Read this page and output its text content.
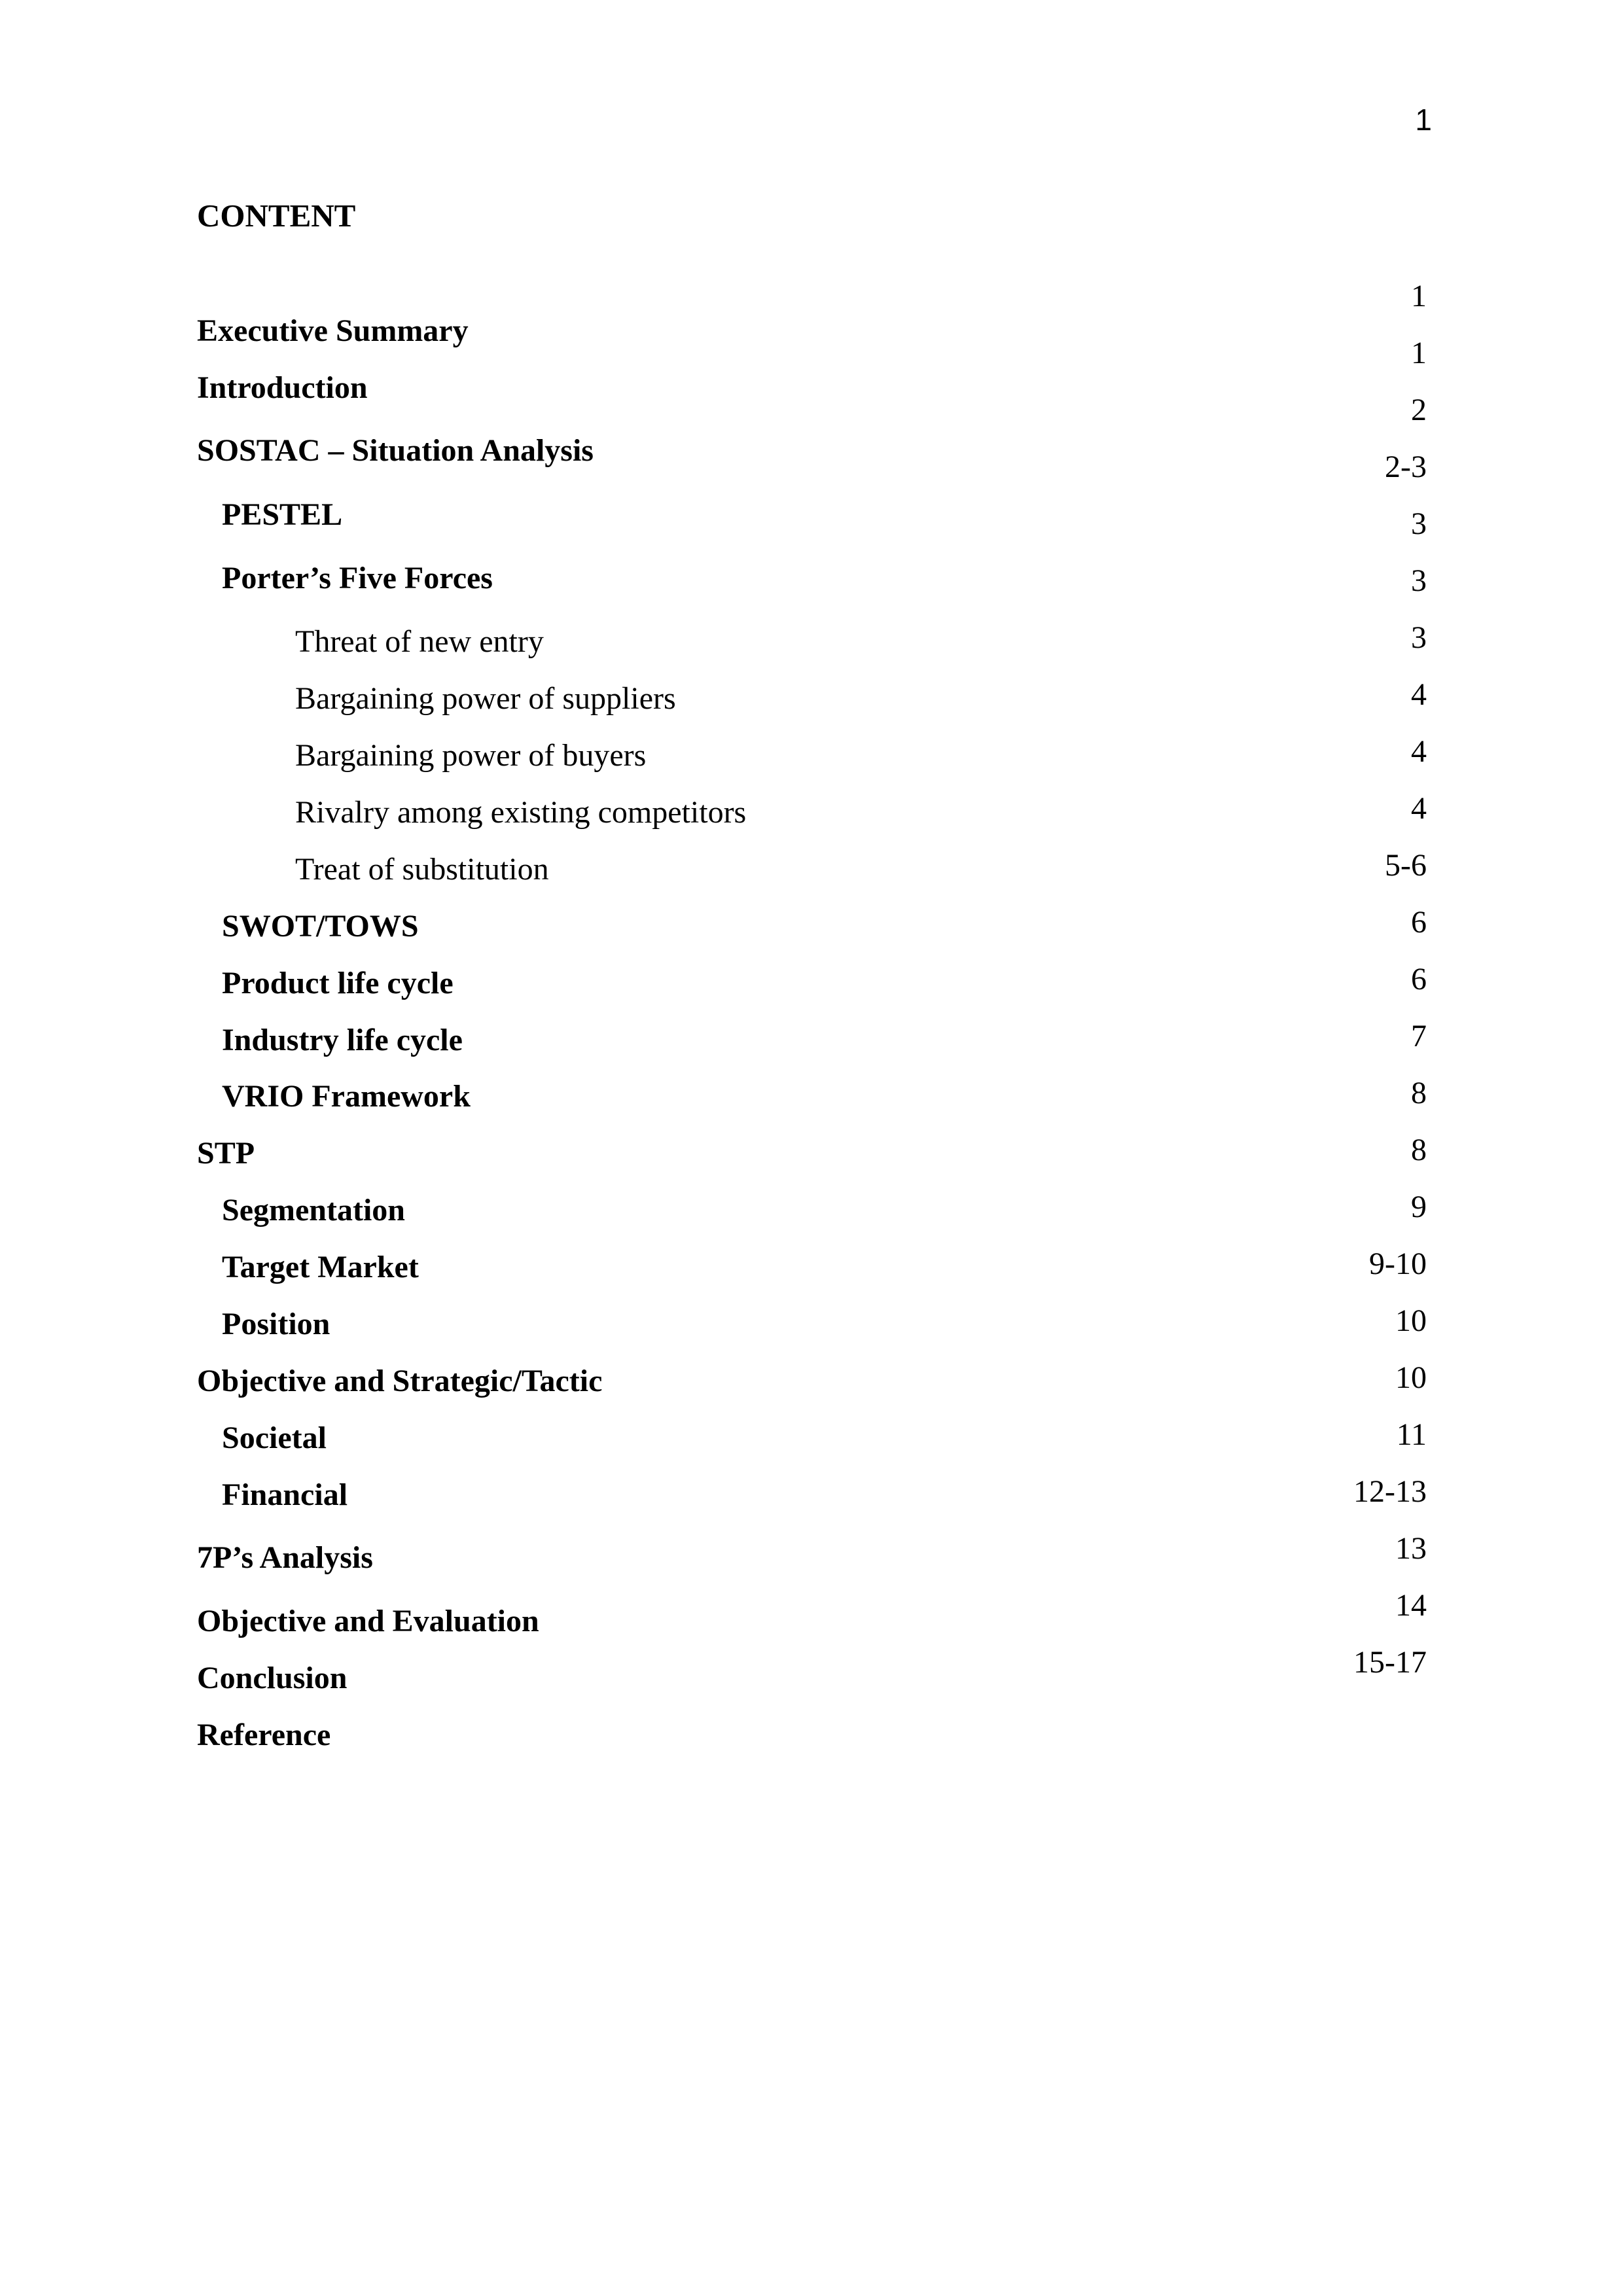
1
CONTENT
Executive Summary
Introduction
SOSTAC – Situation Analysis
PESTEL
Porter’s Five Forces
Threat of new entry
Bargaining power of suppliers
Bargaining power of buyers
Rivalry among existing competitors
Treat of substitution
SWOT/TOWS
Product life cycle
Industry life cycle
VRIO Framework
STP
Segmentation
Target Market
Position
Objective and Strategic/Tactic
Societal
Financial
7P’s Analysis
Objective and Evaluation
Conclusion
Reference
1
1
2
2-3
3
3
3
4
4
4
5-6
6
6
7
8
8
9
9-10
10
10
11
12-13
13
14
15-17
